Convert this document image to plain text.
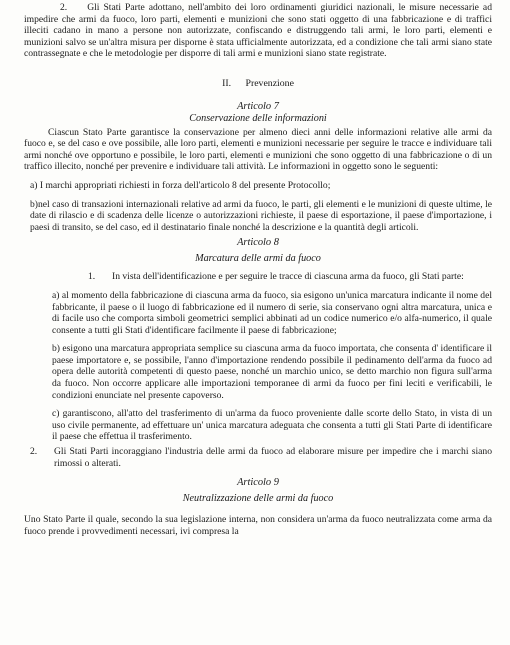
2. Gli Stati Parte adottano, nell'ambito dei loro ordinamenti giuridici nazionali, le misure necessarie ad impedire che armi da fuoco, loro parti, elementi e munizioni che sono stati oggetto di una fabbricazione e di traffici illeciti cadano in mano a persone non autorizzate, confiscando e distruggendo tali armi, le loro parti, elementi e munizioni salvo se un'altra misura per disporne è stata ufficialmente autorizzata, ed a condizione che tali armi siano state contrassegnate e che le metodologie per disporre di tali armi e munizioni siano state registrate.

II. Prevenzione
Articolo 7
Conservazione delle informazioni

Ciascun Stato Parte garantisce la conservazione per almeno dieci anni delle informazioni relative alle armi da fuoco e, se del caso e ove possibile, alle loro parti, elementi e munizioni necessarie per seguire le tracce e individuare tali armi nonché ove opportuno e possibile, le loro parti, elementi e munizioni che sono oggetto di una fabbricazione o di un traffico illecito, nonché per prevenire e individuare tali attività. Le informazioni in oggetto sono le seguenti:

a) I marchi appropriati richiesti in forza dell'articolo 8 del presente Protocollo;

b)nel caso di transazioni internazionali relative ad armi da fuoco, le parti, gli elementi e le munizioni di queste ultime, le date di rilascio e di scadenza delle licenze o autorizzazioni richieste, il paese di esportazione, il paese d'importazione, i paesi di transito, se del caso, ed il destinatario finale nonché la descrizione e la quantità degli articoli.

Articolo 8
Marcatura delle armi da fuoco

1. In vista dell'identificazione e per seguire le tracce di ciascuna arma da fuoco, gli Stati parte:

a) al momento della fabbricazione di ciascuna arma da fuoco, sia esigono un'unica marcatura indicante il nome del fabbricante, il paese o il luogo di fabbricazione ed il numero di serie, sia conservano ogni altra marcatura, unica e di facile uso che comporta simboli geometrici semplici abbinati ad un codice numerico e/o alfa-numerico, il quale consente a tutti gli Stati d'identificare facilmente il paese di fabbricazione;

b) esigono una marcatura appropriata semplice su ciascuna arma da fuoco importata, che consenta d' identificare il paese importatore e, se possibile, l'anno d'importazione rendendo possibile il pedinamento dell'arma da fuoco ad opera delle autorità competenti di questo paese, nonché un marchio unico, se detto marchio non figura sull'arma da fuoco. Non occorre applicare alle importazioni temporanee di armi da fuoco per fini leciti e verificabili, le condizioni enunciate nel presente capoverso.

c) garantiscono, all'atto del trasferimento di un'arma da fuoco proveniente dalle scorte dello Stato, in vista di un uso civile permanente, ad effettuare un' unica marcatura adeguata che consenta a tutti gli Stati Parte di identificare il paese che effettua il trasferimento.

2. Gli Stati Parti incoraggiano l'industria delle armi da fuoco ad elaborare misure per impedire che i marchi siano rimossi o alterati.

Articolo 9
Neutralizzazione delle armi da fuoco

Uno Stato Parte il quale, secondo la sua legislazione interna, non considera un'arma da fuoco neutralizzata come arma da fuoco prende i provvedimenti necessari, ivi compresa la
